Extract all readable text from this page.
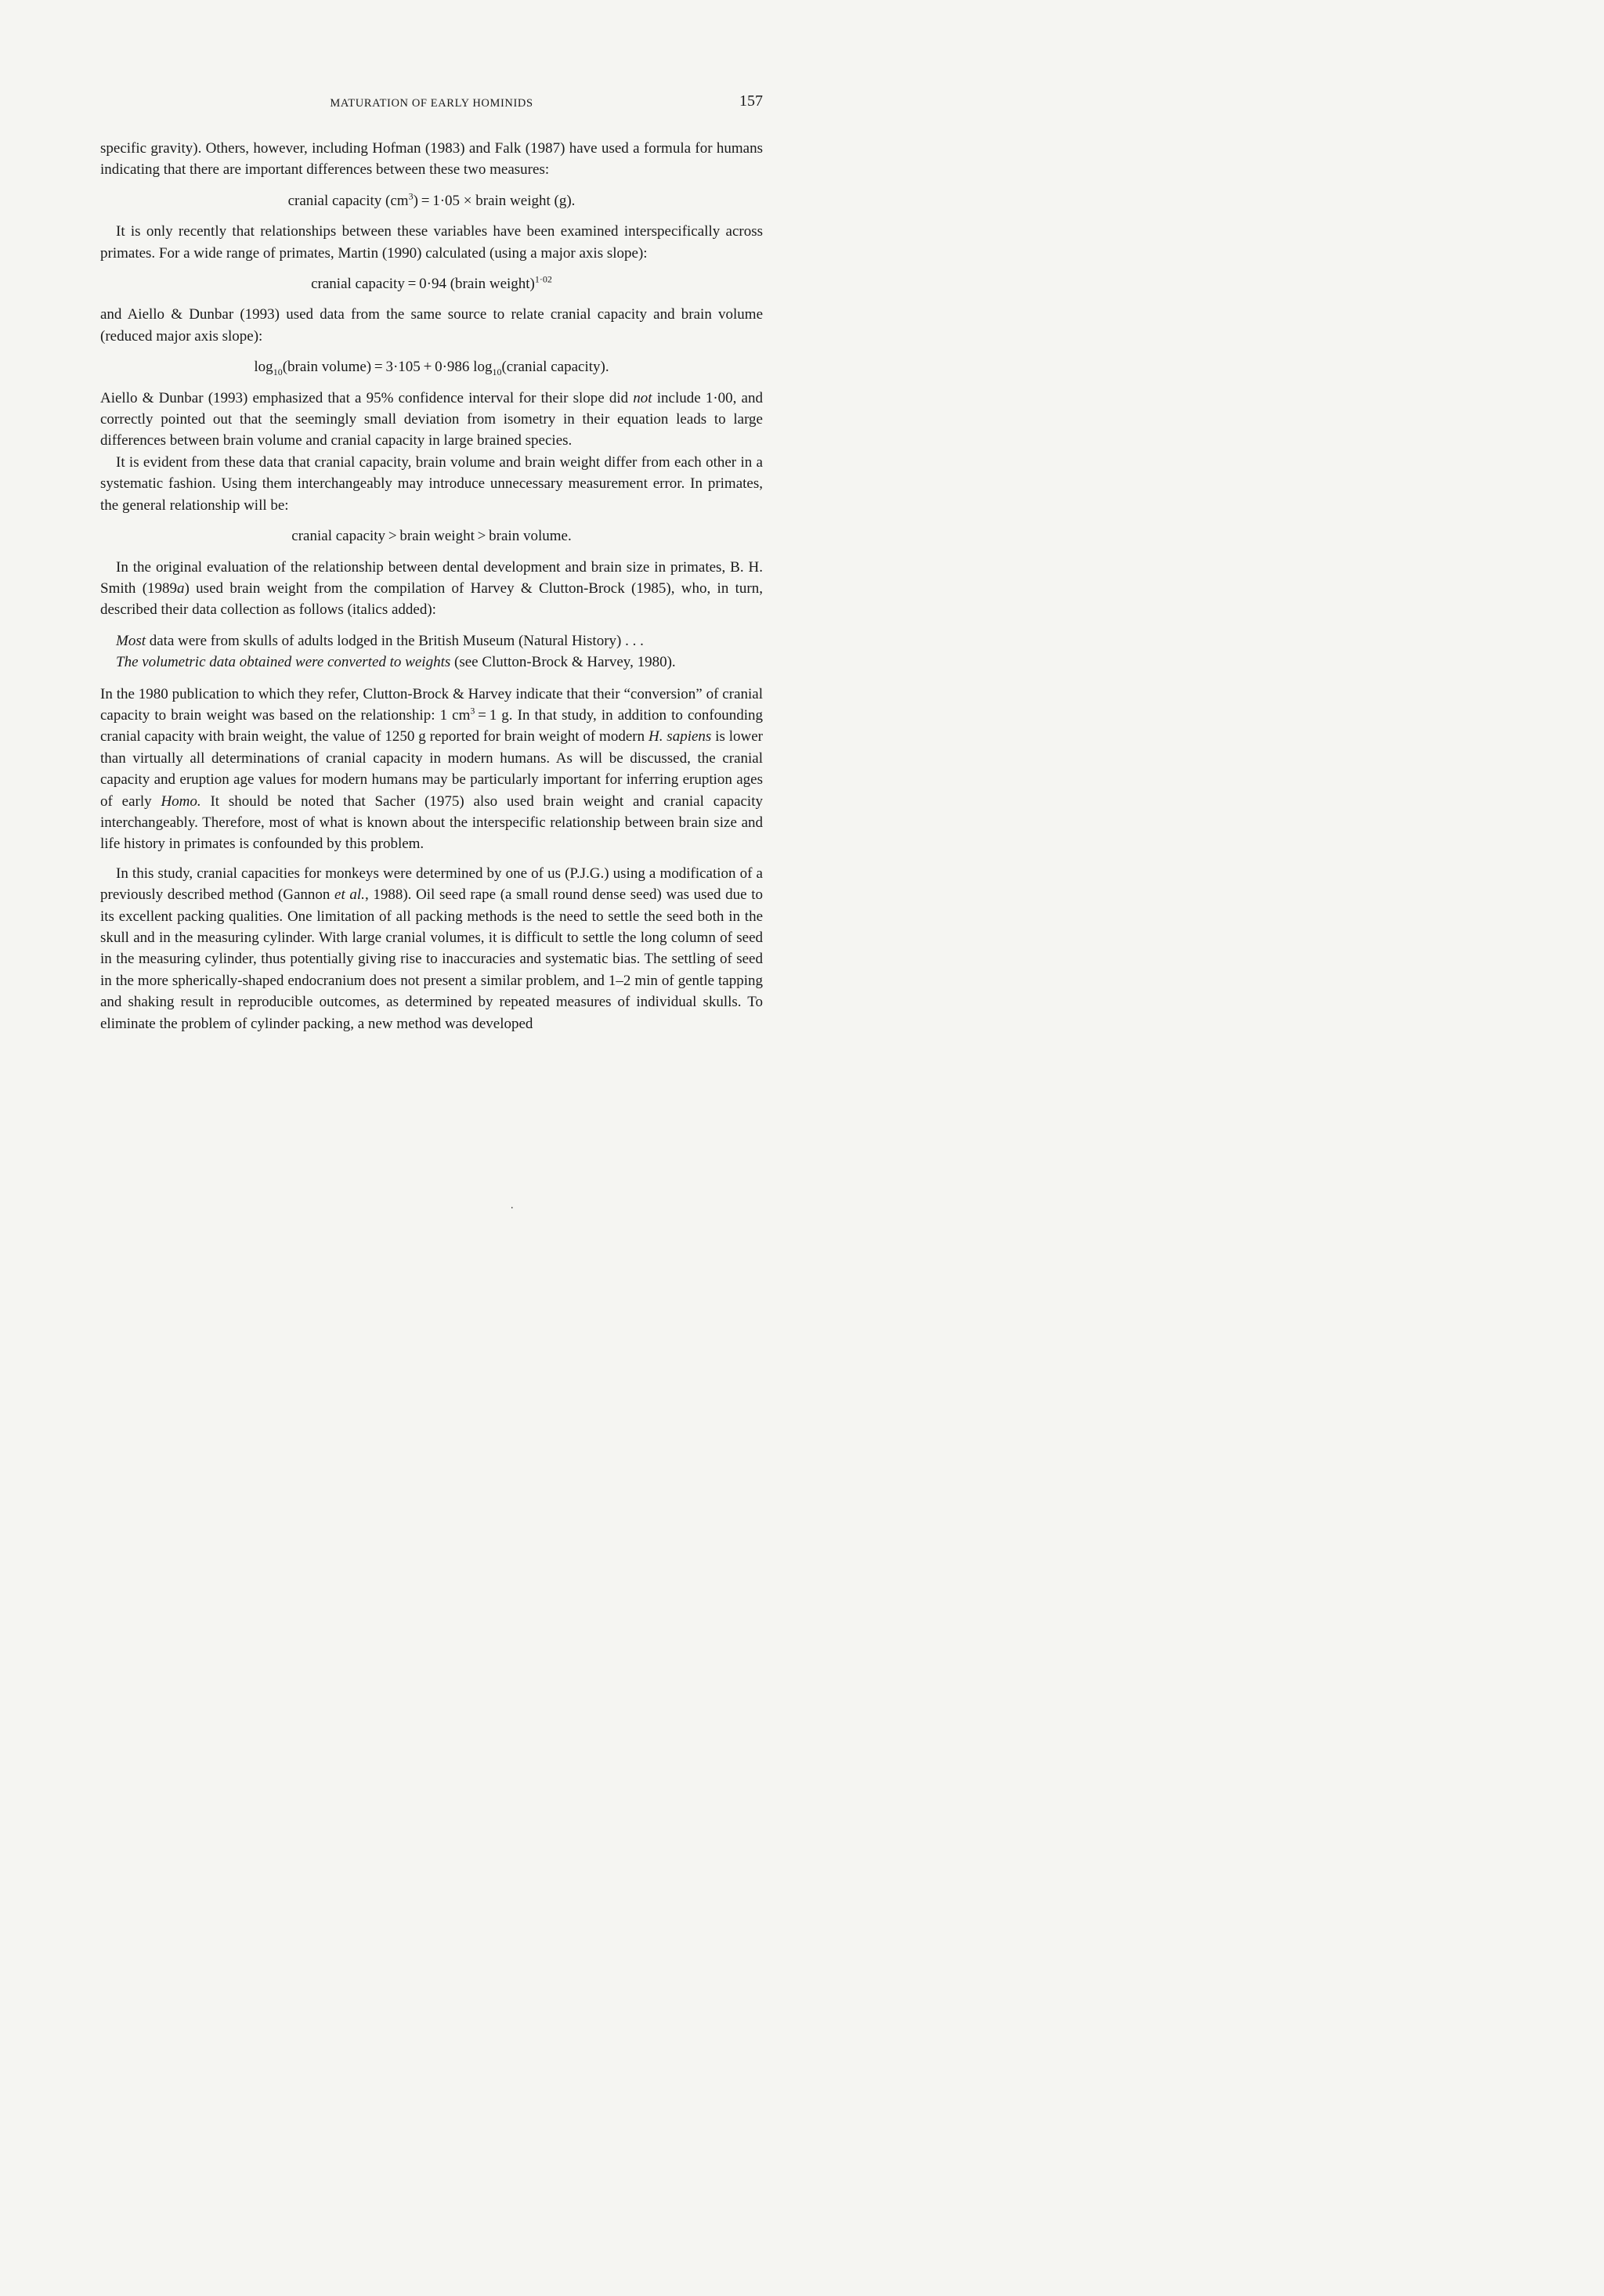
MATURATION OF EARLY HOMINIDS	157

specific gravity). Others, however, including Hofman (1983) and Falk (1987) have used a formula for humans indicating that there are important differences between these two measures:

cranial capacity $(cm^3) = 1\cdot 05$ × brain weight (g).

It is only recently that relationships between these variables have been examined interspecifically across primates. For a wide range of primates, Martin (1990) calculated (using a major axis slope):

cranial capacity = 0·94 (brain weight)$^{1\cdot 02}$

and Aiello & Dunbar (1993) used data from the same source to relate cranial capacity and brain volume (reduced major axis slope):

$\log_{10}(brain$ volume) = 3·105 + 0·986 $\log_{10}(cranial$ capacity).

Aiello & Dunbar (1993) emphasized that a 95% confidence interval for their slope did not include 1·00, and correctly pointed out that the seemingly small deviation from isometry in their equation leads to large differences between brain volume and cranial capacity in large brained species.

It is evident from these data that cranial capacity, brain volume and brain weight differ from each other in a systematic fashion. Using them interchangeably may introduce unnecessary measurement error. In primates, the general relationship will be:

cranial capacity > brain weight > brain volume.

In the original evaluation of the relationship between dental development and brain size in primates, B. H. Smith (1989a) used brain weight from the compilation of Harvey & Clutton-Brock (1985), who, in turn, described their data collection as follows (italics added):

Most data were from skulls of adults lodged in the British Museum (Natural History) . . .
The volumetric data obtained were converted to weights (see Clutton-Brock & Harvey, 1980).

In the 1980 publication to which they refer, Clutton-Brock & Harvey indicate that their “conversion” of cranial capacity to brain weight was based on the relationship: 1 $cm^3 = 1$ g. In that study, in addition to confounding cranial capacity with brain weight, the value of 1250 g reported for brain weight of modern H. sapiens is lower than virtually all determinations of cranial capacity in modern humans. As will be discussed, the cranial capacity and eruption age values for modern humans may be particularly important for inferring eruption ages of early Homo. It should be noted that Sacher (1975) also used brain weight and cranial capacity interchangeably. Therefore, most of what is known about the interspecific relationship between brain size and life history in primates is confounded by this problem.

In this study, cranial capacities for monkeys were determined by one of us (P.J.G.) using a modification of a previously described method (Gannon et al., 1988). Oil seed rape (a small round dense seed) was used due to its excellent packing qualities. One limitation of all packing methods is the need to settle the seed both in the skull and in the measuring cylinder. With large cranial volumes, it is difficult to settle the long column of seed in the measuring cylinder, thus potentially giving rise to inaccuracies and systematic bias. The settling of seed in the more spherically-shaped endocranium does not present a similar problem, and 1–2 min of gentle tapping and shaking result in reproducible outcomes, as determined by repeated measures of individual skulls. To eliminate the problem of cylinder packing, a new method was developed

.
